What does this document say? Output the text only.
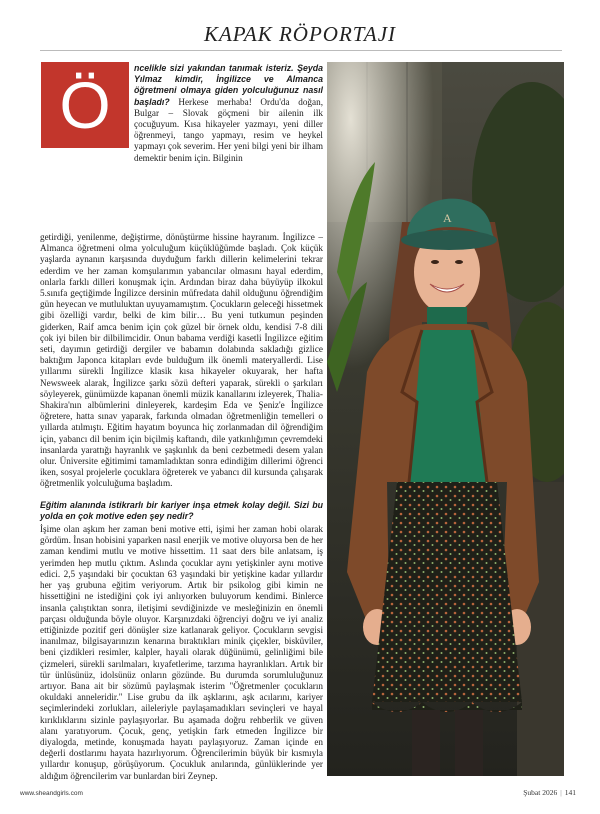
KAPAK RÖPORTAJI
Ö	ncelikle sizi yakından tanımak isteriz. Şeyda Yılmaz kimdir, İngilizce ve Almanca öğretmeni olmaya giden yolculuğunuz nasıl başladı? Herkese merhaba! Ordu'da doğan, Bulgar – Slovak göçmeni bir ailenin ilk çocuğuyum. Kısa hikayeler yazmayı, yeni diller öğrenmeyi, tango yapmayı, resim ve heykel yapmayı çok severim. Her yeni bilgi yeni bir ilham demektir benim için. Bilginin

getirdiği, yenilenme, değiştirme, dönüştürme hissine hayranım. İngilizce –Almanca öğretmeni olma yolculuğum küçüklüğümde başladı. Çok küçük yaşlarda aynanın karşısında duyduğum farklı dillerin kelimelerini tekrar ederdim ve her zaman komşularımın yabancılar olmasını hayal ederdim, onlarla farklı dilleri konuşmak için. Ardından biraz daha büyüyüp ilkokul 5.sınıfa geçtiğimde İngilizce dersinin müfredata dahil olduğunu öğrendiğim gün heyecan ve mutluluktan uyuyamamıştım. Çocukların geleceği hissetmek gibi özelliği vardır, belki de kim bilir… Bu yeni tutkumun peşinden giderken, Raif amca benim için çok güzel bir örnek oldu, kendisi 7-8 dili çok iyi bilen bir dilbilimcidir. Onun babama verdiği kasetli İngilizce eğitim seti, dayımın getirdiği dergiler ve babamın dolabında sakladığı gizlice baktığım Japonca kitapları evde bulduğum ilk önemli materyallerdi. Lise yıllarımı sürekli İngilizce klasik kısa hikayeler okuyarak, her hafta Newsweek alarak, İngilizce şarkı sözü defteri yaparak, sürekli o şarkıları söyleyerek, günümüzde kapanan önemli müzik kanallarını izleyerek, Thalia-Shakira'nın albümlerini dinleyerek, kardeşim Eda ve Şeniz'e İngilizce öğretere, hatta sınav yaparak, farkında olmadan öğretmenliğin temelleri o yıllarda atılmıştı. Eğitim hayatım boyunca hiç zorlanmadan dil öğrendiğim için, yabancı dil benim için biçilmiş kaftandı, dile yatkınlığımın çevremdeki insanlarda yarattığı hayranlık ve şaşkınlık da beni cezbetmedi desem yalan olur. Üniversite eğitimimi tamamladıktan sonra edindiğim dillerimi öğrenci iken, sosyal projelerle çocuklara öğreterek ve yabancı dil kursunda çalışarak öğretmenlik yolculuğuma başladım.

Eğitim alanında istikrarlı bir kariyer inşa etmek kolay değil. Sizi bu yolda en çok motive eden şey nedir?

İşime olan aşkım her zaman beni motive etti, işimi her zaman hobi olarak gördüm. İnsan hobisini yaparken nasıl enerjik ve motive oluyorsa ben de her zaman kendimi mutlu ve motive hissettim. 11 saat ders bile anlatsam, iş yerimden hep mutlu çıktım. Aslında çocuklar aynı yetişkinler aynı motive edici. 2,5 yaşındaki bir çocuktan 63 yaşındaki bir yetişkine kadar yıllardır her yaş grubuna eğitim veriyorum. Artık bir psikolog gibi kimin ne hissettiğini ne istediğini çok iyi anlıyorken buluyorum kendimi. Binlerce insanla çalıştıktan sonra, iletişimi sevdiğinizde ve mesleğinizin en önemli parçası olduğunda böyle oluyor. Karşınızdaki öğrenciyi doğru ve iyi analiz ettiğinizde pozitif geri dönüşler size katlanarak geliyor. Çocukların sevgisi inanılmaz, bilgisayarınızın kenarına bıraktıkları minik çiçekler, bisküviler, beni çizdikleri resimler, kalpler, hayali olarak düğünümü, gelinliğimi bile çizmeleri, sürekli sarılmaları, kıyafetlerime, tarzıma hayranlıkları. Artık bir tür ünlüsünüz, idolsünüz onların gözünde. Bu durumda sorumluluğunuz artıyor. Bana ait bir sözümü paylaşmak isterim "Öğretmenler çocukların okuldaki anneleridir." Lise grubu da ilk aşklarını, aşk acılarını, kariyer seçimlerindeki zorlukları, aileleriyle paylaşamadıkları sevinçleri ve hayal kırıklıklarını sizinle paylaşıyorlar. Bu aşamada doğru rehberlik ve güven alanı yaratıyorum. Çocuk, genç, yetişkin fark etmeden İngilizce bir diyalogda, metinde, konuşmada hayatı paylaşıyoruz. Zaman içinde en değerli dostlarımı hayata hazırlıyorum. Öğrencilerimin büyük bir kısmıyla yıllardır konuşup, görüşüyorum. Çocukluk anılarında, günlüklerinde yer aldığım öğrencilerim var bunlardan biri Zeynep.

A
www.sheandgirls.com	Şubat 2026 | 141
